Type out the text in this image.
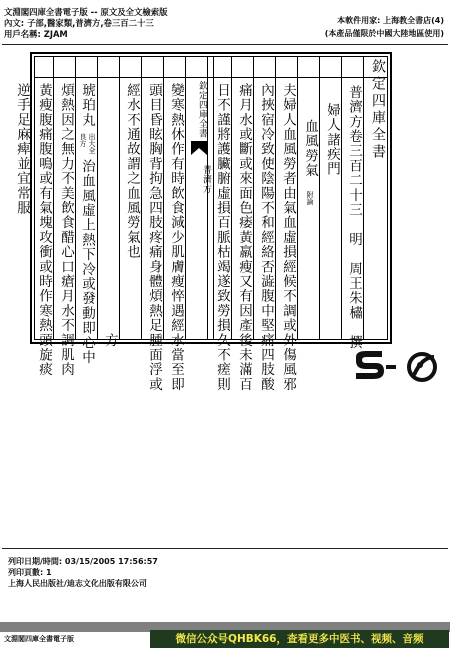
文淵閣四庫全書電子版 -- 原文及全文檢索版
內文: 子部,醫家類,普濟方,卷三百二十三
用戶名稱: ZJAM
本軟件用家: 上海教全書店(4)
(本產品僅限於中國大陸地區使用)
欽定四庫全書
普濟方卷三百二十三　明　周王朱橚　撰
婦人諸疾門
血風勞氣
附論
夫婦人血風勞者由氣血虛損經候不調或外傷風邪
內挾宿冷致使陰陽不和經絡否澁腹中堅痛四肢酸
痛月水或斷或來面色痿黃羸瘦又有因產後未滿百
日不謹將護臟腑虛損百脈枯竭遂致勞損久不瘥則
欽定四庫全書
普濟方
變寒熱休作有時飲食減少肌膚瘦悴遇經水當至即
頭目昏眩胸背拘急四肢疼痛身體煩熱足腫面浮或
經水不通故謂之血風勞氣也
方
琥珀丸
出大全
良方
治血風虛上熱下冷或發動即心中
煩熱因之無力不美飲食醋心口瘡月水不調肌肉
黃瘦腹痛腹鳴或有氣塊攻衝或時作寒熱頭旋痰
逆手足麻痺並宜常服
列印日期/時間: 03/15/2005 17:56:57
列印頁數: 1
上海人民出版社/迪志文化出版有限公司
文淵閣四庫全書電子版	微信公众号QHBK66，查看更多中医书、视频、音频
